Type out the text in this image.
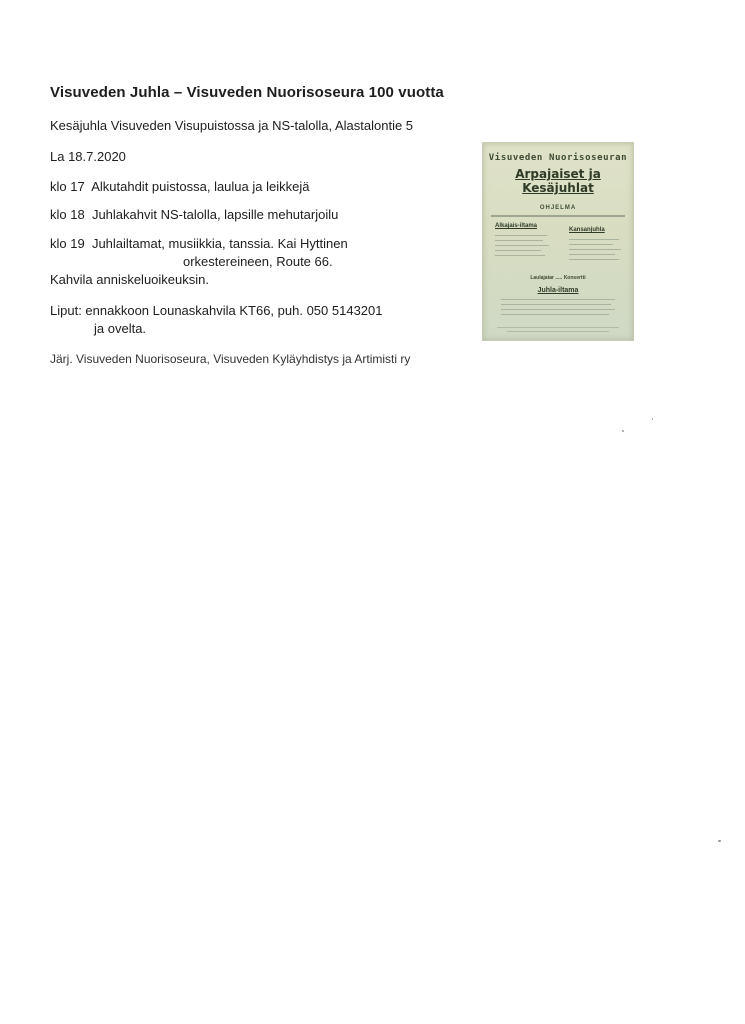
Visuveden Juhla – Visuveden Nuorisoseura 100 vuotta
Kesäjuhla Visuveden Visupuistossa ja NS-talolla, Alastalontie 5
La 18.7.2020
klo 17 Alkutahdit puistossa, laulua ja leikkejä
klo 18 Juhlakahvit NS-talolla, lapsille mehutarjoilu
klo 19 Juhlailtamat, musiikkia, tanssia. Kai Hyttinen
orkestereineen, Route 66.
Kahvila anniskeluoikeuksin.
Liput: ennakkoon Lounaskahvila KT66, puh. 050 5143201
ja ovelta.
Järj. Visuveden Nuorisoseura, Visuveden Kyläyhdistys ja Artimisti ry
Visuveden Nuorisoseuran
Arpajaiset ja Kesäjuhlat
OHJELMA
Alkajais-iltama
Kansanjuhla
Laulajatar ..... Konsertti
Juhla-iltama
